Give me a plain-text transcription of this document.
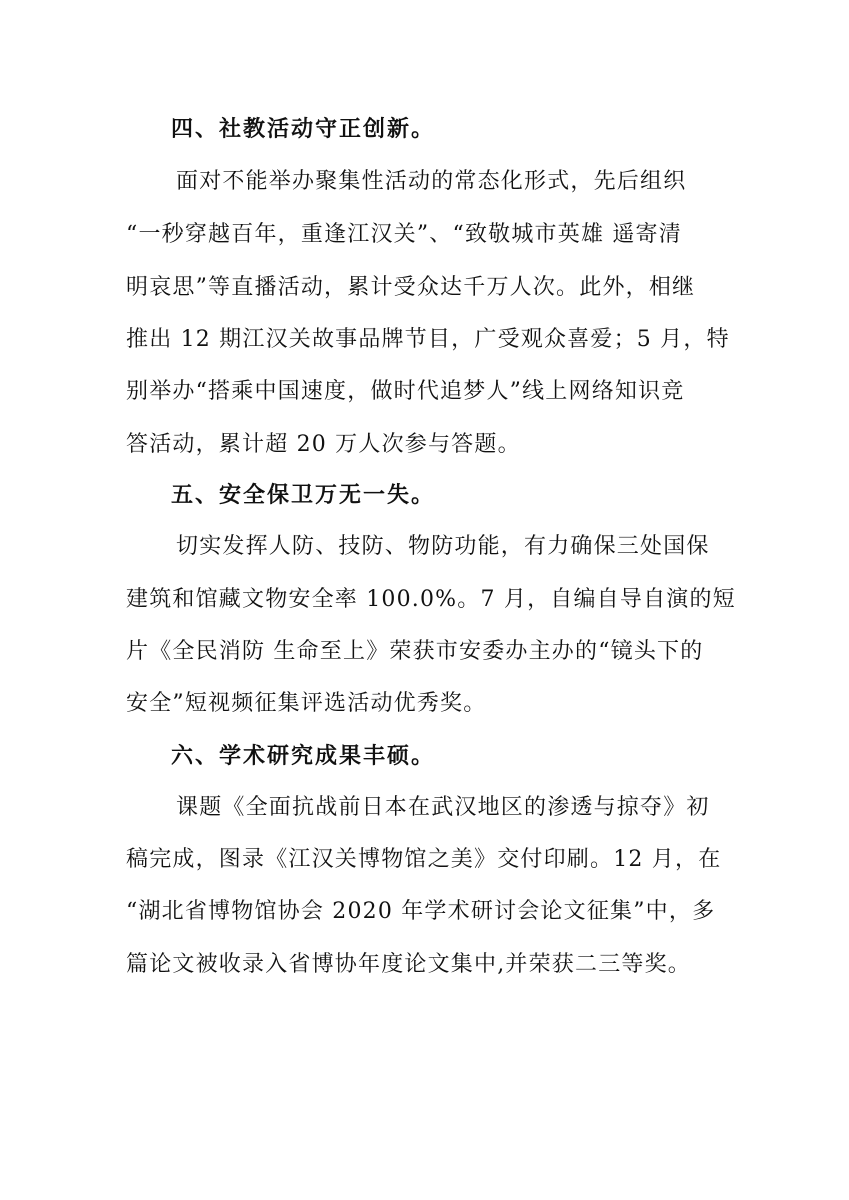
四、社教活动守正创新。
面对不能举办聚集性活动的常态化形式，先后组织
“一秒穿越百年，重逢江汉关”、“致敬城市英雄 遥寄清
明哀思”等直播活动，累计受众达千万人次。此外，相继
推出 12 期江汉关故事品牌节目，广受观众喜爱；5 月，特
别举办“搭乘中国速度，做时代追梦人”线上网络知识竞
答活动，累计超 20 万人次参与答题。
五、安全保卫万无一失。
切实发挥人防、技防、物防功能，有力确保三处国保
建筑和馆藏文物安全率 100.0%。7 月，自编自导自演的短
片《全民消防 生命至上》荣获市安委办主办的“镜头下的
安全”短视频征集评选活动优秀奖。
六、学术研究成果丰硕。
课题《全面抗战前日本在武汉地区的渗透与掠夺》初
稿完成，图录《江汉关博物馆之美》交付印刷。12 月，在
“湖北省博物馆协会 2020 年学术研讨会论文征集”中，多
篇论文被收录入省博协年度论文集中,并荣获二三等奖。
